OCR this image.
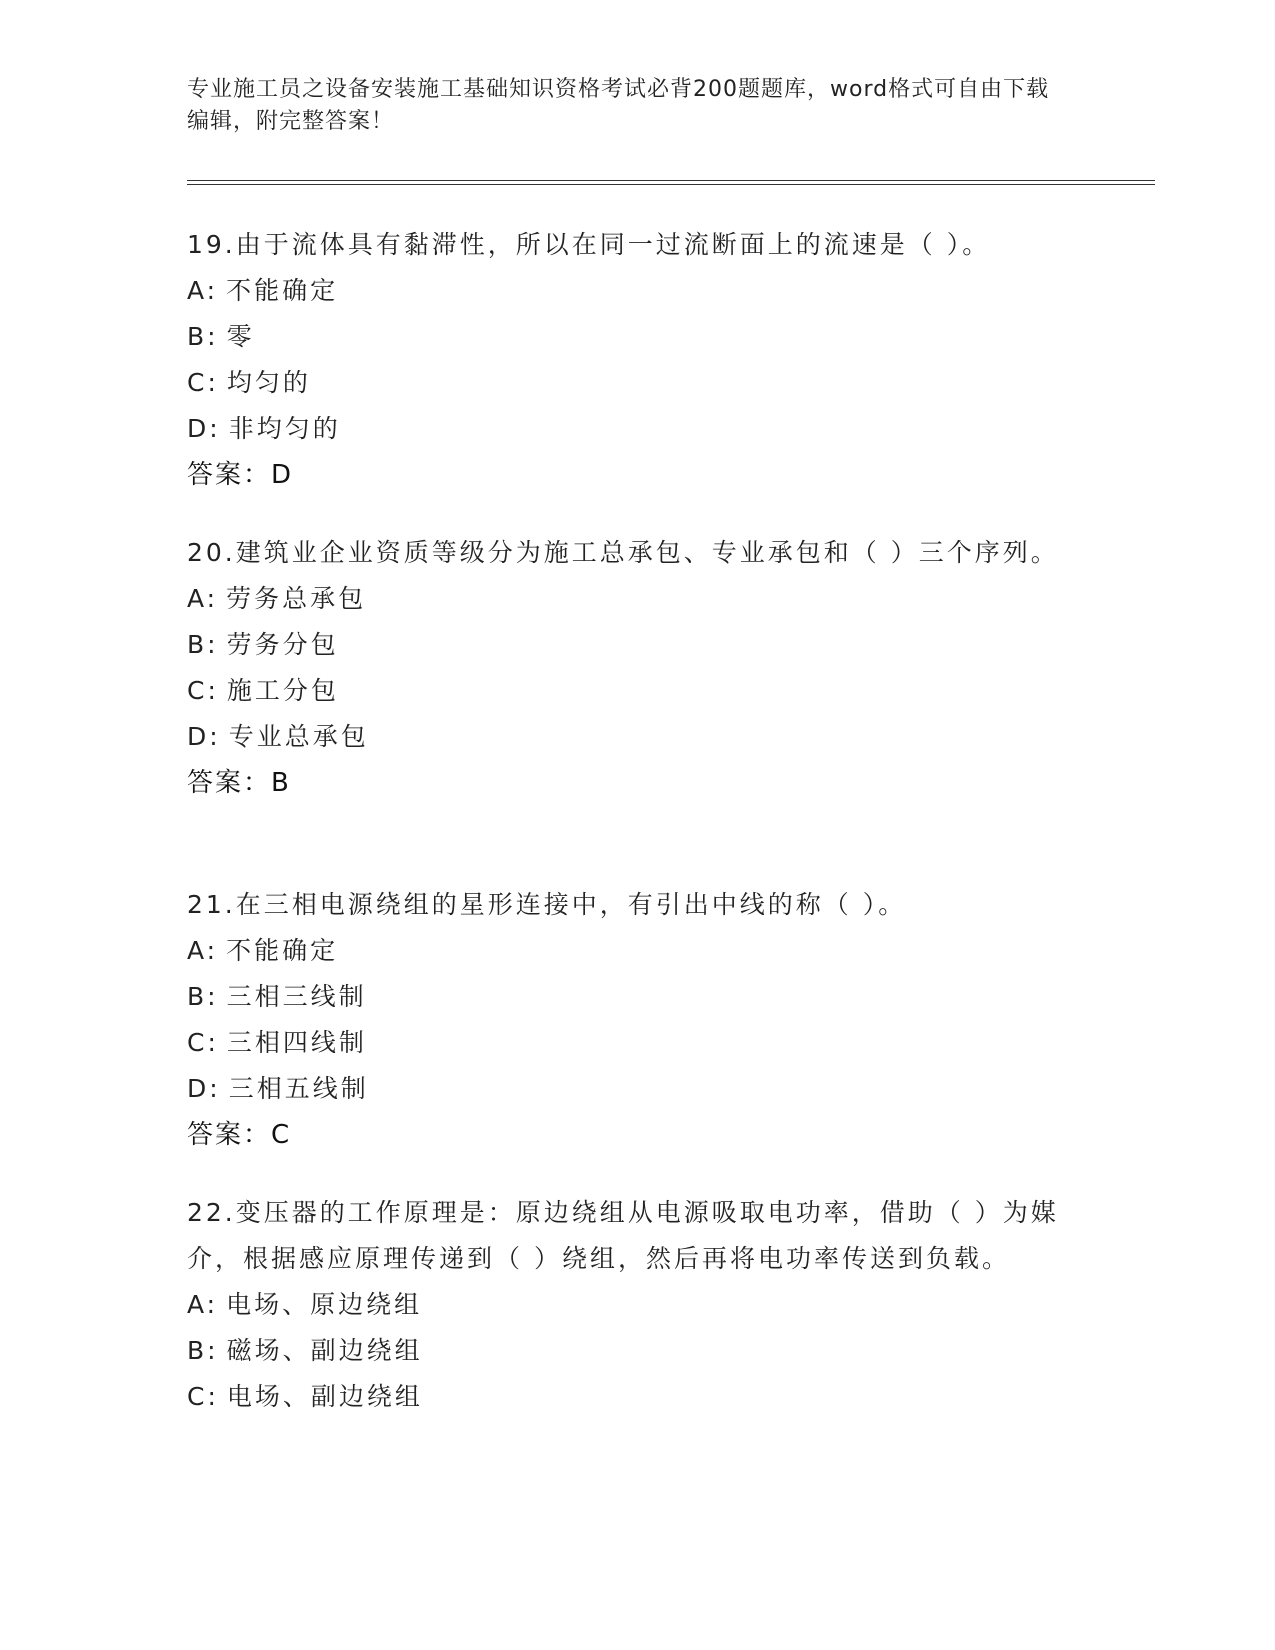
专业施工员之设备安装施工基础知识资格考试必背200题题库，word格式可自由下载编辑，附完整答案！
19.由于流体具有黏滞性，所以在同一过流断面上的流速是（ ）。
A: 不能确定
B: 零
C: 均匀的
D: 非均匀的
答案：D
20.建筑业企业资质等级分为施工总承包、专业承包和（ ）三个序列。
A: 劳务总承包
B: 劳务分包
C: 施工分包
D: 专业总承包
答案：B
21.在三相电源绕组的星形连接中，有引出中线的称（ ）。
A: 不能确定
B: 三相三线制
C: 三相四线制
D: 三相五线制
答案：C
22.变压器的工作原理是：原边绕组从电源吸取电功率，借助（ ）为媒介，根据感应原理传递到（ ）绕组，然后再将电功率传送到负载。
A: 电场、原边绕组
B: 磁场、副边绕组
C: 电场、副边绕组
